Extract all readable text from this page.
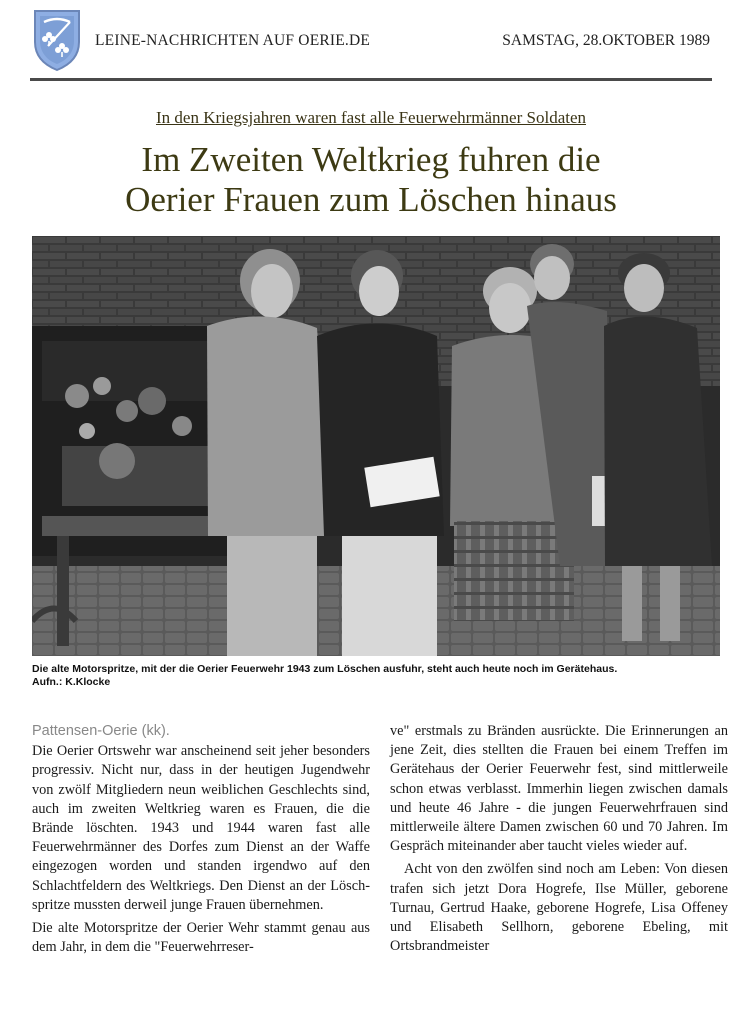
LEINE-NACHRICHTEN AUF OERIE.DE	SAMSTAG, 28.OKTOBER 1989
In den Kriegsjahren waren fast alle Feuerwehrmänner Soldaten
Im Zweiten Weltkrieg fuhren die
Oerier Frauen zum Löschen hinaus
Die alte Motorspritze, mit der die Oerier Feuerwehr 1943 zum Löschen ausfuhr, steht auch heute noch im Gerätehaus.
Aufn.: K.Klocke
Pattensen-Oerie (kk).

Die Oerier Ortswehr war anscheinend seit jeher besonders progressiv. Nicht nur, dass in der heutigen Jugendwehr von zwölf Mitgliedern neun weiblichen Geschlechts sind, auch im zweiten Weltkrieg waren es Frauen, die die Brände löschten. 1943 und 1944 waren fast alle Feuerwehrmänner des Dorfes zum Dienst an der Waffe eingezogen worden und standen irgendwo auf den Schlachtfeldern des Weltkriegs. Den Dienst an der Lösch-spritze mussten derweil junge Frauen übernehmen.

Die alte Motorspritze der Oerier Wehr stammt genau aus dem Jahr, in dem die "Feuerwehrreser-

ve" erstmals zu Bränden ausrückte. Die Erinnerungen an jene Zeit, dies stellten die Frauen bei einem Treffen im Gerätehaus der Oerier Feuerwehr fest, sind mittlerweile schon etwas verblasst. Immerhin liegen zwischen damals und heute 46 Jahre - die jungen Feuerwehrfrauen sind mittlerweile ältere Damen zwischen 60 und 70 Jahren. Im Gespräch miteinander aber taucht vieles wieder auf.

Acht von den zwölfen sind noch am Leben: Von diesen trafen sich jetzt Dora Hogrefe, Ilse Müller, geborene Turnau, Gertrud Haake, geborene Hogrefe, Lisa Offeney und Elisabeth Sellhorn, geborene Ebeling, mit Ortsbrandmeister
